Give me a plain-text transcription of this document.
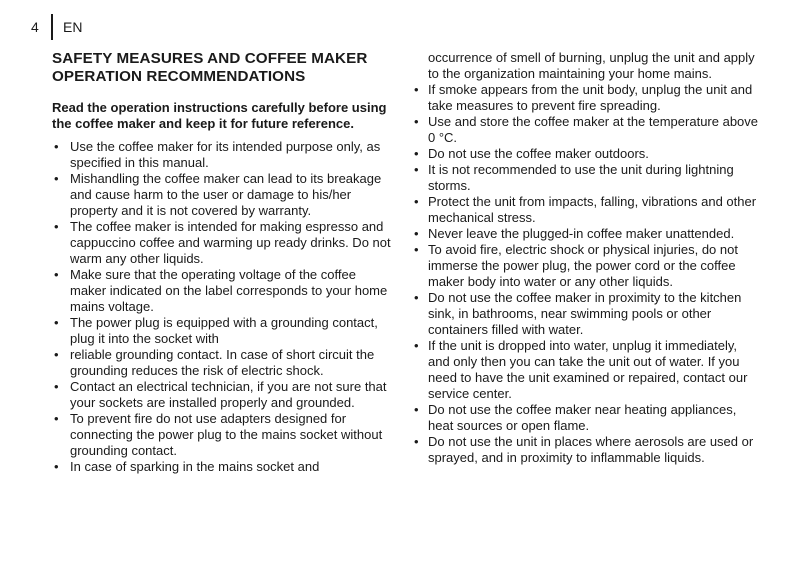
4	EN
SAFETY MEASURES AND COFFEE MAKER OPERATION RECOMMENDATIONS

Read the operation instructions carefully before using the coffee maker and keep it for future reference.

• Use the coffee maker for its intended purpose only, as specified in this manual.
• Mishandling the coffee maker can lead to its breakage and cause harm to the user or damage to his/her property and it is not covered by warranty.
• The coffee maker is intended for making espresso and cappuccino coffee and warming up ready drinks. Do not warm any other liquids.
• Make sure that the operating voltage of the coffee maker indicated on the label corresponds to your home mains voltage.
• The power plug is equipped with a grounding contact, plug it into the socket with
• reliable grounding contact. In case of short circuit the grounding reduces the risk of electric shock.
• Contact an electrical technician, if you are not sure that your sockets are installed properly and grounded.
• To prevent fire do not use adapters designed for connecting the power plug to the mains socket without grounding contact.
• In case of sparking in the mains socket and

occurrence of smell of burning, unplug the unit and apply to the organization maintaining your home mains.

• If smoke appears from the unit body, unplug the unit and take measures to prevent fire spreading.
• Use and store the coffee maker at the temperature above 0 °C.
• Do not use the coffee maker outdoors.
• It is not recommended to use the unit during lightning storms.
• Protect the unit from impacts, falling, vibrations and other mechanical stress.
• Never leave the plugged-in coffee maker unattended.
• To avoid fire, electric shock or physical injuries, do not immerse the power plug, the power cord or the coffee maker body into water or any other liquids.
• Do not use the coffee maker in proximity to the kitchen sink, in bathrooms, near swimming pools or other containers filled with water.
• If the unit is dropped into water, unplug it immediately, and only then you can take the unit out of water. If you need to have the unit examined or repaired, contact our service center.
• Do not use the coffee maker near heating appliances, heat sources or open flame.
• Do not use the unit in places where aerosols are used or sprayed, and in proximity to inflammable liquids.
